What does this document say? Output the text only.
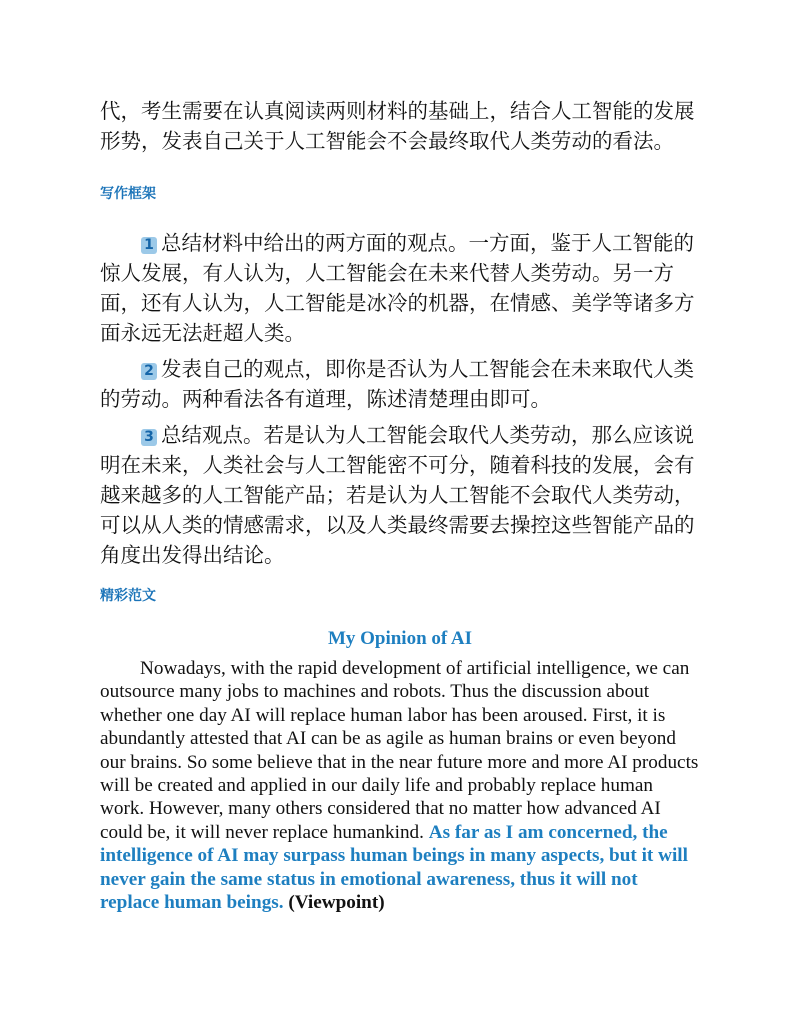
代，考生需要在认真阅读两则材料的基础上，结合人工智能的发展形势，发表自己关于人工智能会不会最终取代人类劳动的看法。

写作框架

1 总结材料中给出的两方面的观点。一方面，鉴于人工智能的惊人发展，有人认为，人工智能会在未来代替人类劳动。另一方面，还有人认为，人工智能是冰冷的机器，在情感、美学等诸多方面永远无法赶超人类。

2 发表自己的观点，即你是否认为人工智能会在未来取代人类的劳动。两种看法各有道理，陈述清楚理由即可。

3 总结观点。若是认为人工智能会取代人类劳动，那么应该说明在未来，人类社会与人工智能密不可分，随着科技的发展，会有越来越多的人工智能产品；若是认为人工智能不会取代人类劳动，可以从人类的情感需求，以及人类最终需要去操控这些智能产品的角度出发得出结论。

精彩范文
My Opinion of AI

Nowadays, with the rapid development of artificial intelligence, we can outsource many jobs to machines and robots. Thus the discussion about whether one day AI will replace human labor has been aroused. First, it is abundantly attested that AI can be as agile as human brains or even beyond our brains. So some believe that in the near future more and more AI products will be created and applied in our daily life and probably replace human work. However, many others considered that no matter how advanced AI could be, it will never replace humankind. As far as I am concerned, the intelligence of AI may surpass human beings in many aspects, but it will never gain the same status in emotional awareness, thus it will not replace human beings. (Viewpoint)
